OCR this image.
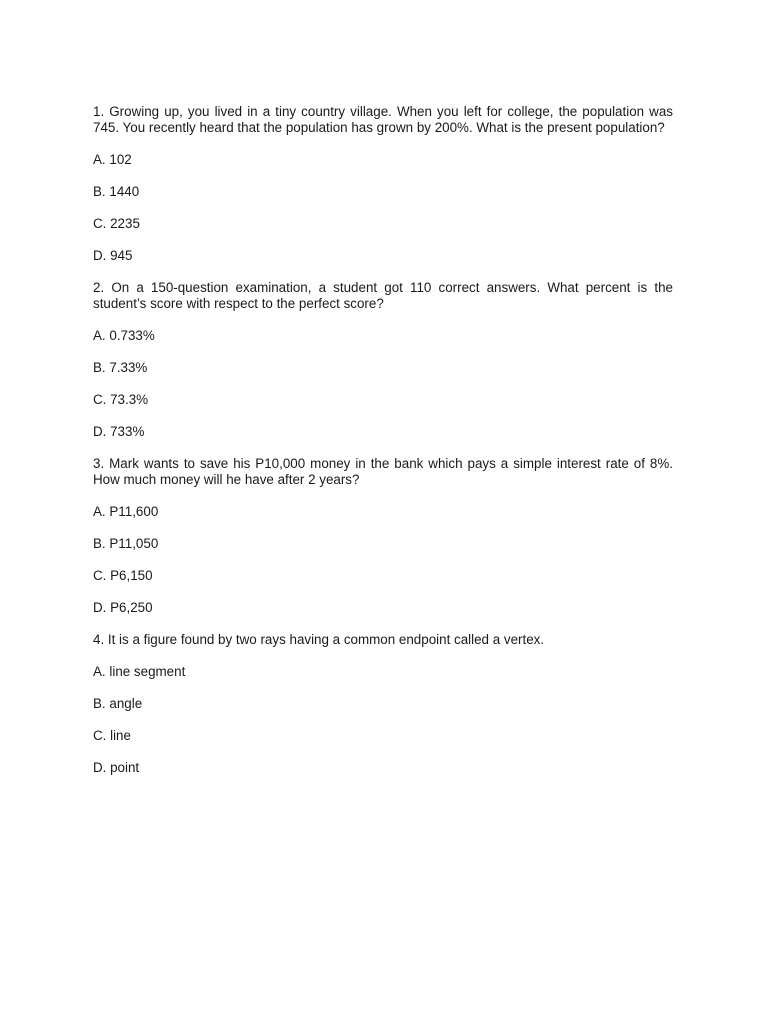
1. Growing up, you lived in a tiny country village. When you left for college, the population was 745. You recently heard that the population has grown by 200%. What is the present population?

A. 102

B. 1440

C. 2235

D. 945

2. On a 150-question examination, a student got 110 correct answers. What percent is the student’s score with respect to the perfect score?

A. 0.733%

B. 7.33%

C. 73.3%

D. 733%

3. Mark wants to save his P10,000 money in the bank which pays a simple interest rate of 8%. How much money will he have after 2 years?

A. P11,600

B. P11,050

C. P6,150

D. P6,250

4. It is a figure found by two rays having a common endpoint called a vertex.

A. line segment

B. angle

C. line

D. point
